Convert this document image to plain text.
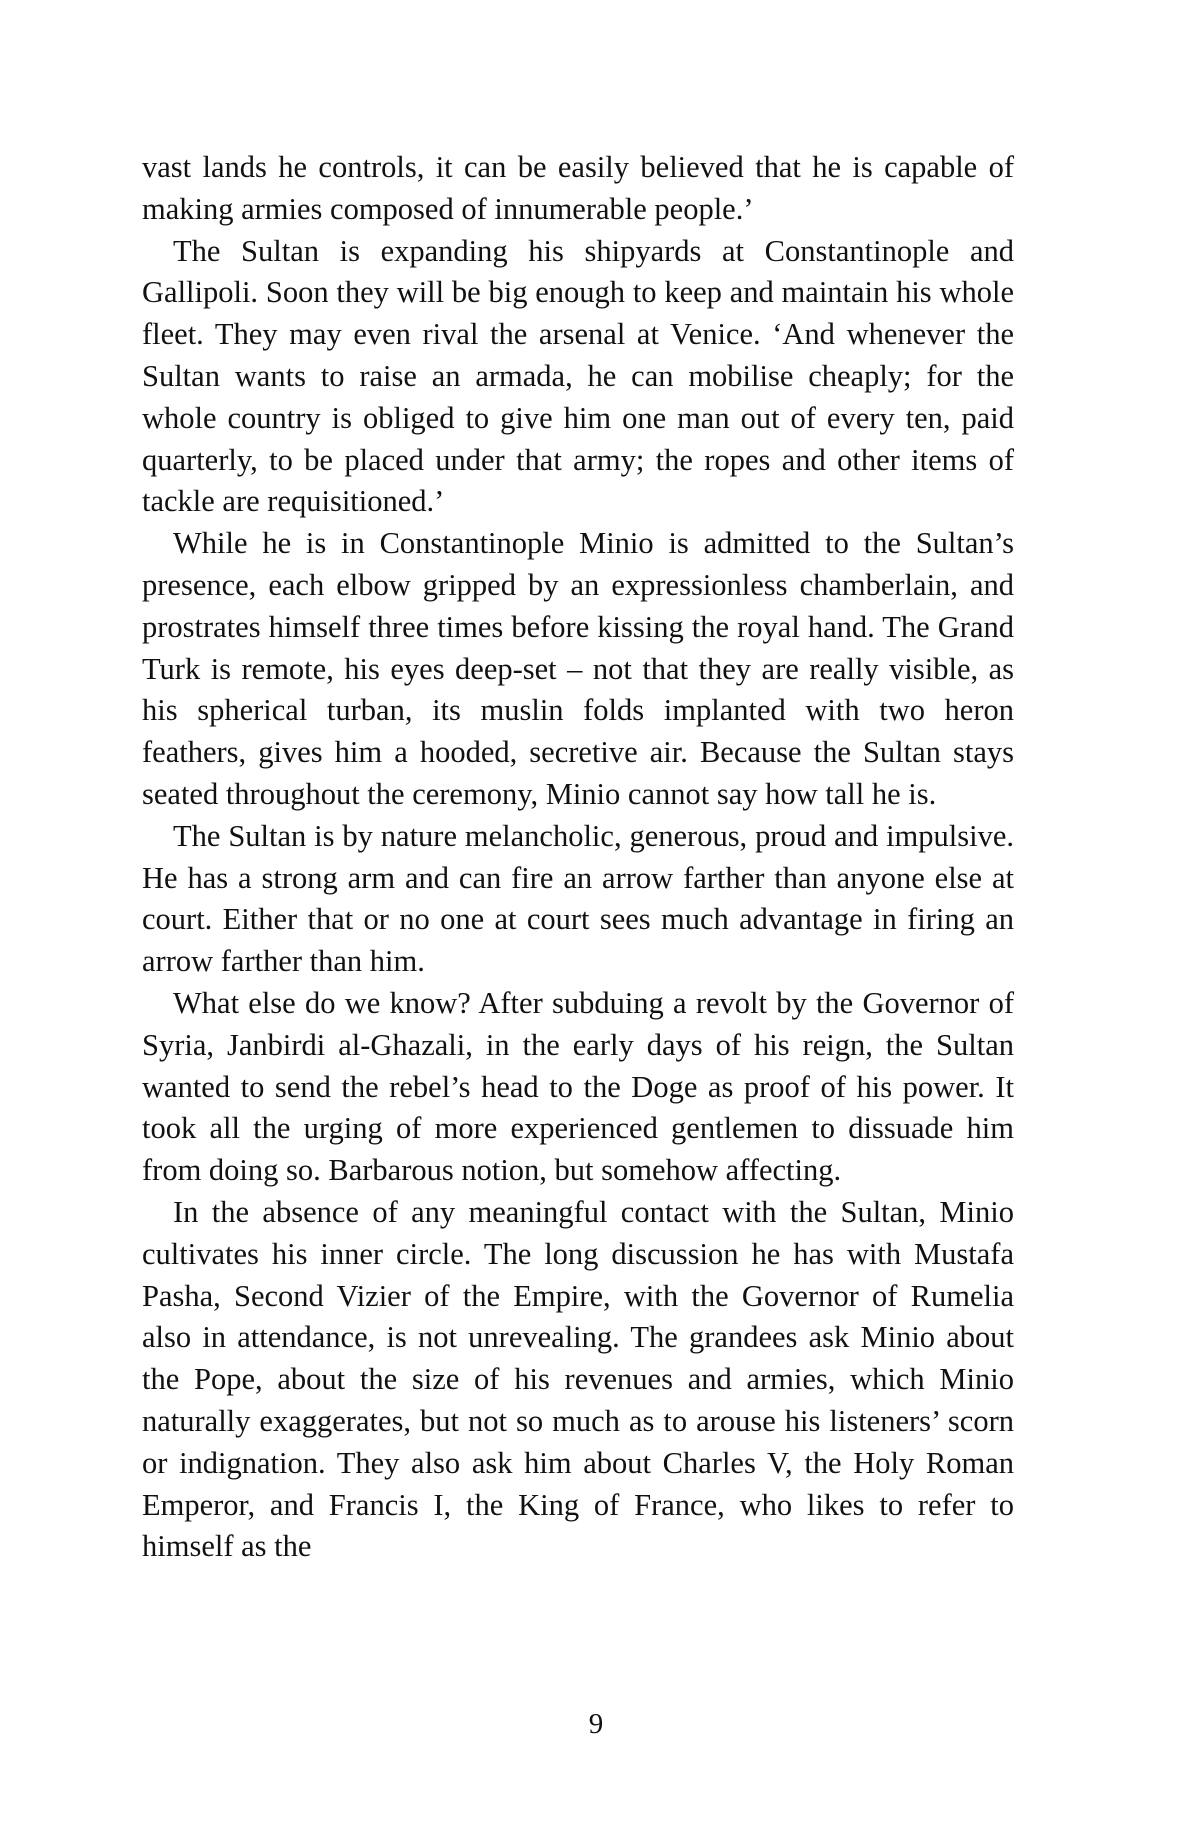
vast lands he controls, it can be easily believed that he is capable of making armies composed of innumerable people.’

The Sultan is expanding his shipyards at Constantinople and Gallipoli. Soon they will be big enough to keep and maintain his whole fleet. They may even rival the arsenal at Venice. ‘And whenever the Sultan wants to raise an armada, he can mobilise cheaply; for the whole country is obliged to give him one man out of every ten, paid quarterly, to be placed under that army; the ropes and other items of tackle are requisitioned.’

While he is in Constantinople Minio is admitted to the Sultan’s presence, each elbow gripped by an expressionless chamberlain, and prostrates himself three times before kissing the royal hand. The Grand Turk is remote, his eyes deep-set – not that they are really visible, as his spherical turban, its muslin folds implanted with two heron feathers, gives him a hooded, secretive air. Because the Sultan stays seated throughout the ceremony, Minio cannot say how tall he is.

The Sultan is by nature melancholic, generous, proud and impulsive. He has a strong arm and can fire an arrow farther than anyone else at court. Either that or no one at court sees much advantage in firing an arrow farther than him.

What else do we know? After subduing a revolt by the Governor of Syria, Janbirdi al-Ghazali, in the early days of his reign, the Sultan wanted to send the rebel’s head to the Doge as proof of his power. It took all the urging of more experienced gentlemen to dissuade him from doing so. Barbarous notion, but somehow affecting.

In the absence of any meaningful contact with the Sultan, Minio cultivates his inner circle. The long discussion he has with Mustafa Pasha, Second Vizier of the Empire, with the Governor of Rumelia also in attendance, is not unrevealing. The grandees ask Minio about the Pope, about the size of his revenues and armies, which Minio naturally exaggerates, but not so much as to arouse his listeners’ scorn or indignation. They also ask him about Charles V, the Holy Roman Emperor, and Francis I, the King of France, who likes to refer to himself as the

9
